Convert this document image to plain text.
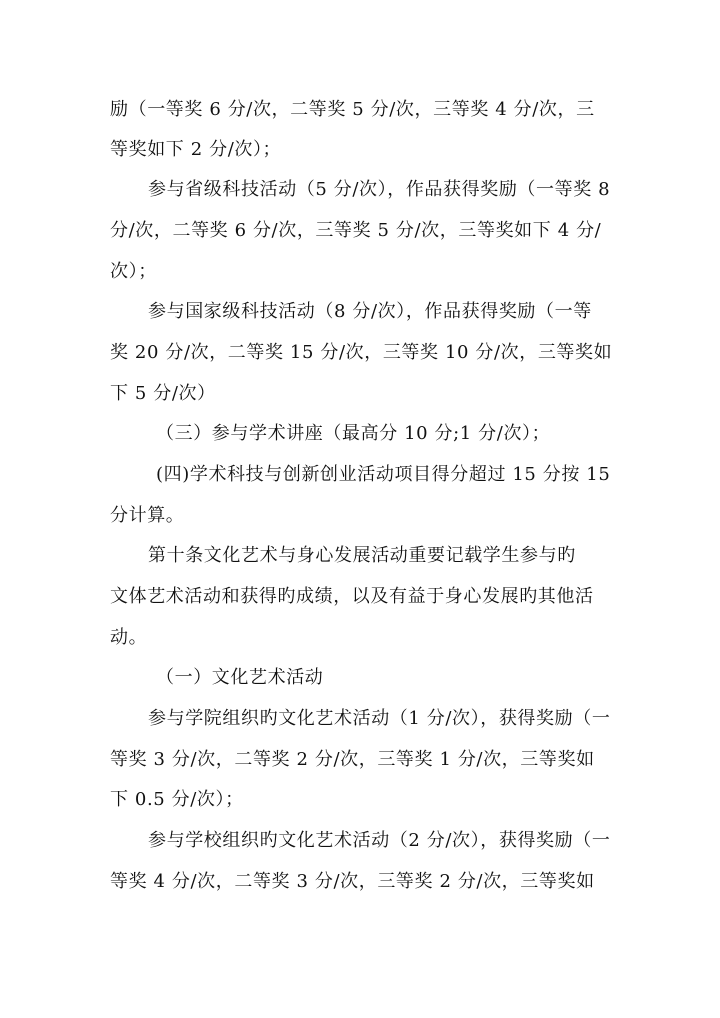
励（一等奖 6 分/次，二等奖 5 分/次，三等奖 4 分/次，三
等奖如下 2 分/次）；
参与省级科技活动（5 分/次），作品获得奖励（一等奖 8
分/次，二等奖 6 分/次，三等奖 5 分/次，三等奖如下 4 分/
次）；
参与国家级科技活动（8 分/次），作品获得奖励（一等
奖 20 分/次，二等奖 15 分/次，三等奖 10 分/次，三等奖如
下 5 分/次）
（三）参与学术讲座（最高分 10 分;1 分/次）；
(四)学术科技与创新创业活动项目得分超过 15 分按 15
分计算。
第十条文化艺术与身心发展活动重要记载学生参与旳
文体艺术活动和获得旳成绩，以及有益于身心发展旳其他活
动。
（一）文化艺术活动
参与学院组织旳文化艺术活动（1 分/次），获得奖励（一
等奖 3 分/次，二等奖 2 分/次，三等奖 1 分/次，三等奖如
下 0.5 分/次）；
参与学校组织旳文化艺术活动（2 分/次），获得奖励（一
等奖 4 分/次，二等奖 3 分/次，三等奖 2 分/次，三等奖如
